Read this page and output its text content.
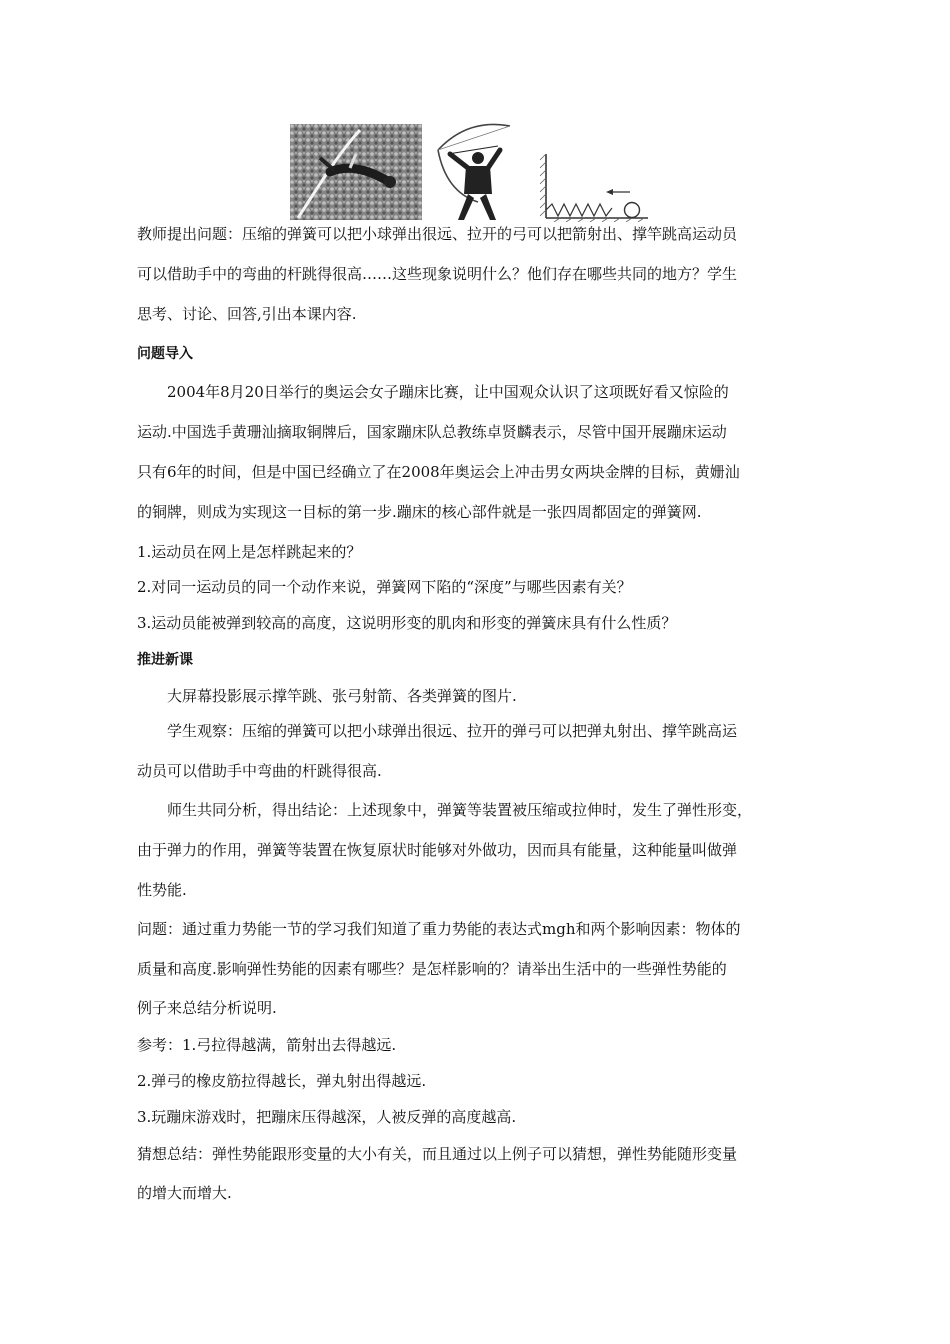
教师提出问题：压缩的弹簧可以把小球弹出很远、拉开的弓可以把箭射出、撑竿跳高运动员
可以借助手中的弯曲的杆跳得很高……这些现象说明什么？他们存在哪些共同的地方？学生
思考、讨论、回答,引出本课内容.
问题导入
2004年8月20日举行的奥运会女子蹦床比赛，让中国观众认识了这项既好看又惊险的
运动.中国选手黄珊汕摘取铜牌后，国家蹦床队总教练卓贤麟表示，尽管中国开展蹦床运动
只有6年的时间，但是中国已经确立了在2008年奥运会上冲击男女两块金牌的目标，黄姗汕
的铜牌，则成为实现这一目标的第一步.蹦床的核心部件就是一张四周都固定的弹簧网.
1.运动员在网上是怎样跳起来的？
2.对同一运动员的同一个动作来说，弹簧网下陷的“深度”与哪些因素有关？
3.运动员能被弹到较高的高度，这说明形变的肌肉和形变的弹簧床具有什么性质？
推进新课
大屏幕投影展示撑竿跳、张弓射箭、各类弹簧的图片.
学生观察：压缩的弹簧可以把小球弹出很远、拉开的弹弓可以把弹丸射出、撑竿跳高运
动员可以借助手中弯曲的杆跳得很高.
师生共同分析，得出结论：上述现象中，弹簧等装置被压缩或拉伸时，发生了弹性形变，
由于弹力的作用，弹簧等装置在恢复原状时能够对外做功，因而具有能量，这种能量叫做弹
性势能.
问题：通过重力势能一节的学习我们知道了重力势能的表达式mgh和两个影响因素：物体的
质量和高度.影响弹性势能的因素有哪些？是怎样影响的？请举出生活中的一些弹性势能的
例子来总结分析说明.
参考：1.弓拉得越满，箭射出去得越远.
2.弹弓的橡皮筋拉得越长，弹丸射出得越远.
3.玩蹦床游戏时，把蹦床压得越深，人被反弹的高度越高.
猜想总结：弹性势能跟形变量的大小有关，而且通过以上例子可以猜想，弹性势能随形变量
的增大而增大.
